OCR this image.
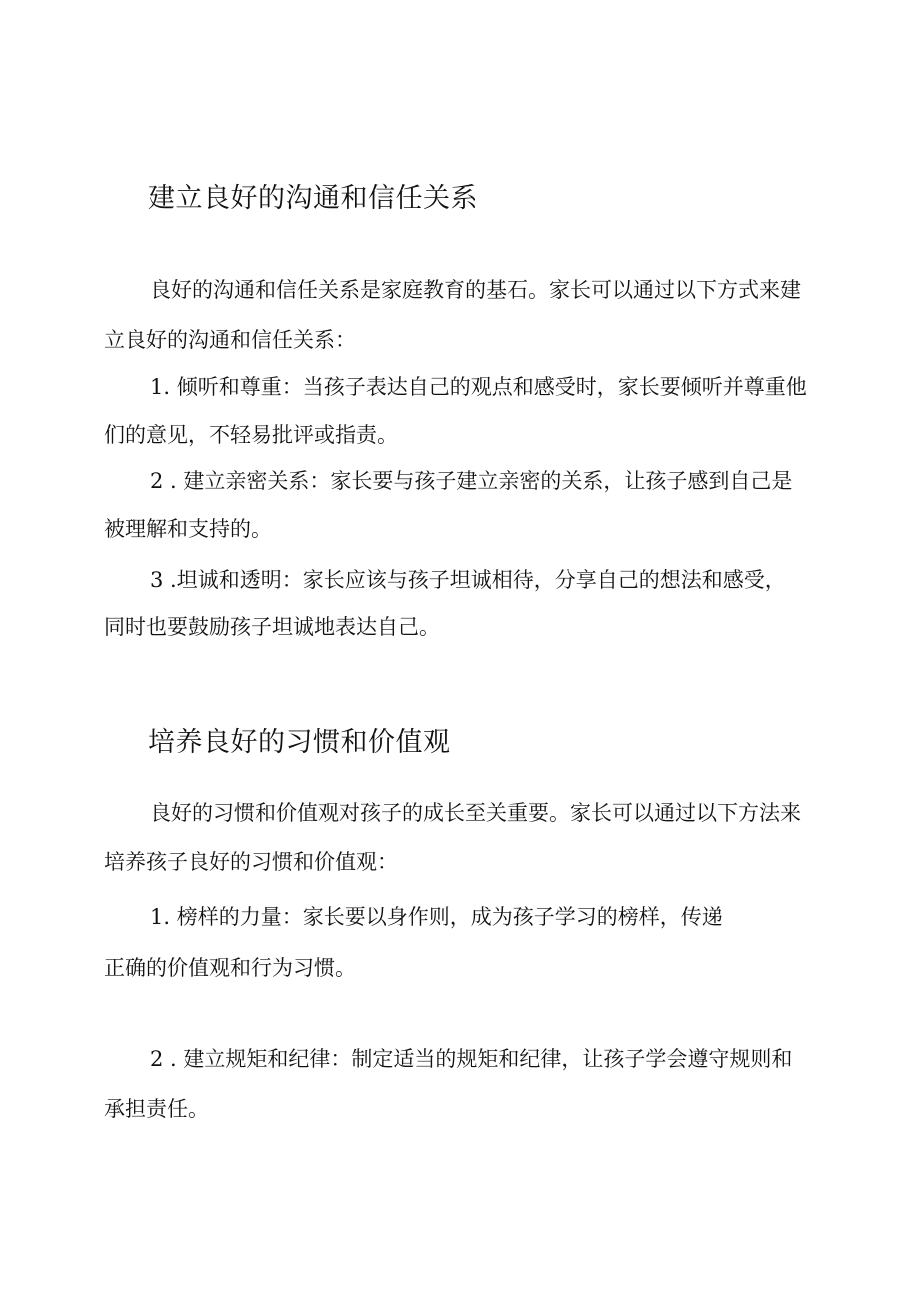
建立良好的沟通和信任关系

良好的沟通和信任关系是家庭教育的基石。家长可以通过以下方式来建

立良好的沟通和信任关系：

1. 倾听和尊重：当孩子表达自己的观点和感受时，家长要倾听并尊重他

们的意见，不轻易批评或指责。

2 . 建立亲密关系：家长要与孩子建立亲密的关系，让孩子感到自己是

被理解和支持的。

3 .坦诚和透明：家长应该与孩子坦诚相待，分享自己的想法和感受，

同时也要鼓励孩子坦诚地表达自己。

培养良好的习惯和价值观

良好的习惯和价值观对孩子的成长至关重要。家长可以通过以下方法来

培养孩子良好的习惯和价值观：

1. 榜样的力量：家长要以身作则，成为孩子学习的榜样，传递

正确的价值观和行为习惯。

2 . 建立规矩和纪律：制定适当的规矩和纪律，让孩子学会遵守规则和

承担责任。
